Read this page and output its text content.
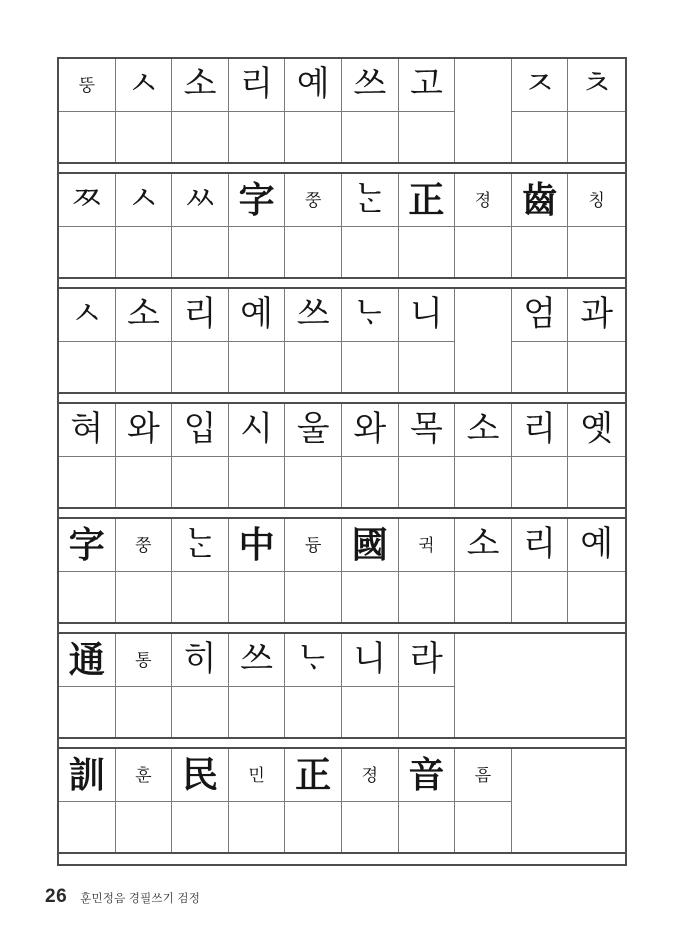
뚱 ㅅ 소 리 예 쓰 고	ㅈ ㅊ
ㅉ ㅅ ㅆ 字	쭝 ᄂᆞᆫ 正	졍 齒	칭
ㅅ 소 리 예 쓰 ᄂᆞ 니	엄 과
혀 와 입 시 울 와 목 소 리 옛
字	쭝 ᄂᆞᆫ 中	듕 國	귁 소 리 예
通	통 히 쓰 ᄂᆞ 니 라
訓	훈 民	민 正	졍 音	ᅙᅳᆷ
26 훈민정음 경필쓰기 검정
